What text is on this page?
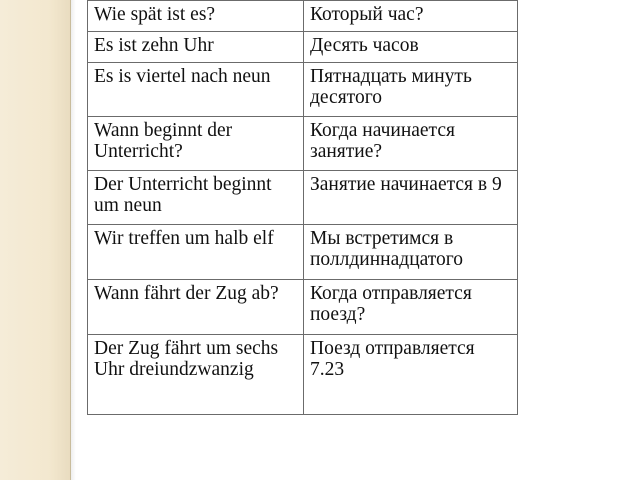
Wie spät ist es?	Который час?
Es ist zehn Uhr	Десять часов
Es is viertel nach neun	Пятнадцать минуть десятого
Wann beginnt der Unterricht?	Когда начинается занятие?
Der Unterricht beginnt um neun	Занятие начинается в 9
Wir treffen um halb elf	Мы встретимся в поллдиннадцатого
Wann fährt der Zug ab?	Когда отправляется поезд?
Der Zug fährt um sechs Uhr dreiundzwanzig	Поезд отправляется 7.23
